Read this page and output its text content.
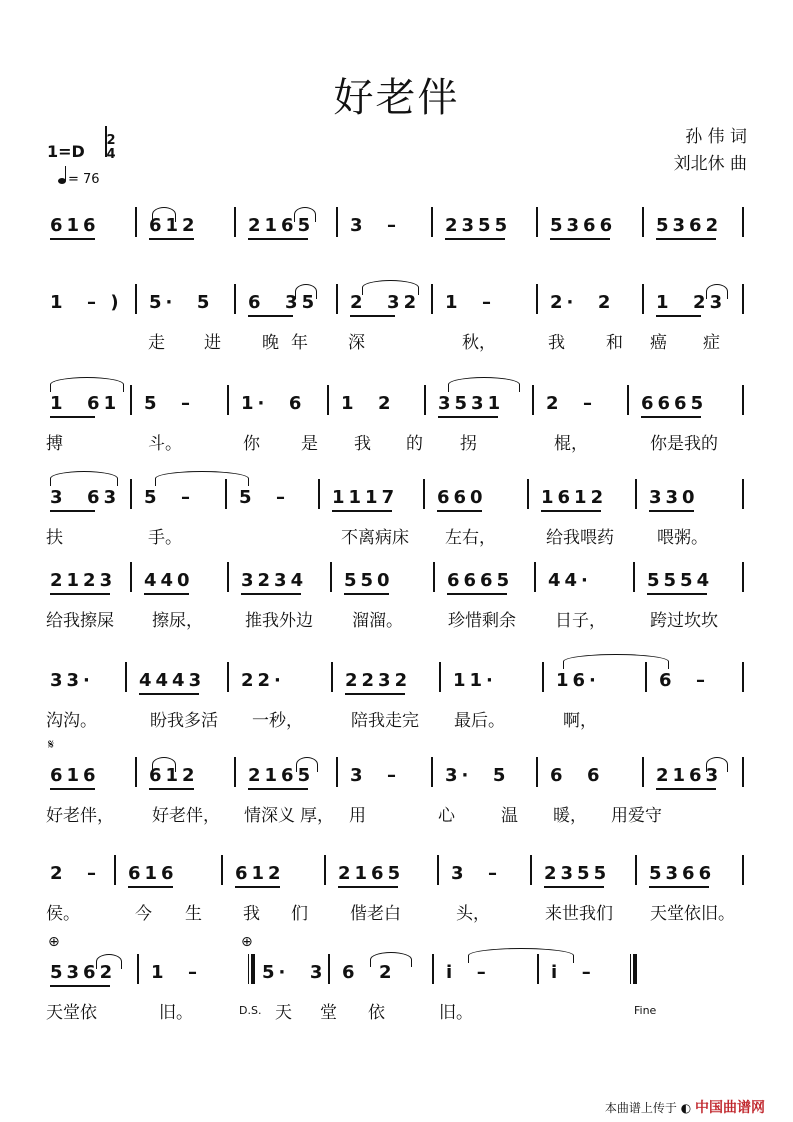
好老伴
孙 伟 词
刘北休 曲
1=D
2
4
= 76
616	612	2165 3  – 2355 5366 5362
1  – ) 5·  5 6  35 2  32 1  –	2·  2 1  23
走 进 晚 年 深	秋，	我 和 癌 症
1  61 5  –	1·  6 1  2 3531 2  – 6665
搏	斗。	你 是 我 的 拐	棍，	你是我的
3  63 5  – 5  – 1117 660	1612 330
扶	手。	不离病床 左右，	给我喂药	喂粥。
2123 440	3234 550	6665 44·	5554
给我擦屎 擦尿， 推我外边 溜溜。	珍惜剩余 日子，	跨过坎坎
33·	4443 22·	2232 11·	16·	6  –
沟沟。	盼我多活 一秒，	陪我走完 最后。	啊，
616	612	2165 3  – 3·  5 6  6	2163
好老伴， 好老伴， 情深义 厚， 用	心	温 暖， 用爱守
2  – 616	612	2165	3  – 2355 5366
侯。	今 生 我 们 偕老白	头，	来世我们 天堂依旧。
5362 1  –	5·  3 6  2	i  –	i  –
天堂依	旧。	D.S. 天 堂 依	旧。	Fine
本曲谱上传于 ◐ 中国曲谱网
𝄋
⊕	⊕
